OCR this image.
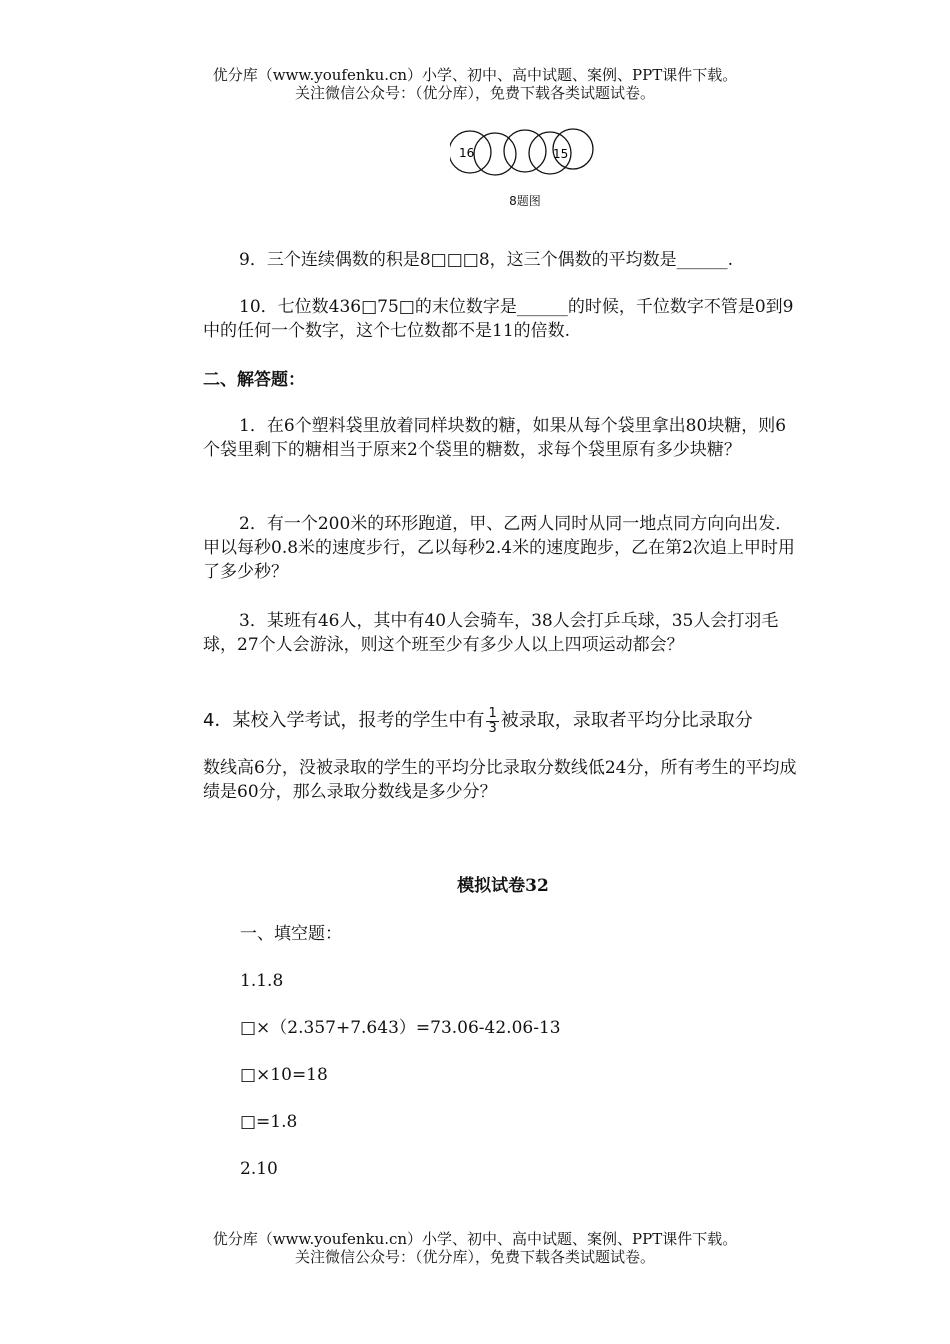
优分库（www.youfenku.cn）小学、初中、高中试题、案例、PPT课件下载。

关注微信公众号：（优分库），免费下载各类试题试卷。

16	15
8题图
9．三个连续偶数的积是8□□□8，这三个偶数的平均数是______.
10．七位数436□75□的末位数字是______的时候，千位数字不管是0到9中的任何一个数字，这个七位数都不是11的倍数.
二、解答题：
1．在6个塑料袋里放着同样块数的糖，如果从每个袋里拿出80块糖，则6个袋里剩下的糖相当于原来2个袋里的糖数，求每个袋里原有多少块糖？
2．有一个200米的环形跑道，甲、乙两人同时从同一地点同方向向出发．甲以每秒0.8米的速度步行，乙以每秒2.4米的速度跑步，乙在第2次追上甲时用了多少秒？
3．某班有46人，其中有40人会骑车，38人会打乒乓球，35人会打羽毛球，27个人会游泳，则这个班至少有多少人以上四项运动都会？
4．某校入学考试，报考的学生中有 $\frac{1}{3}$ 被录取，录取者平均分比录取分
数线高6分，没被录取的学生的平均分比录取分数线低24分，所有考生的平均成绩是60分，那么录取分数线是多少分？
模拟试卷32
一、填空题：
1.1.8
□×（2.357+7.643）=73.06-42.06-13
□×10=18
□=1.8
2.10

优分库（www.youfenku.cn）小学、初中、高中试题、案例、PPT课件下载。

关注微信公众号：（优分库），免费下载各类试题试卷。
